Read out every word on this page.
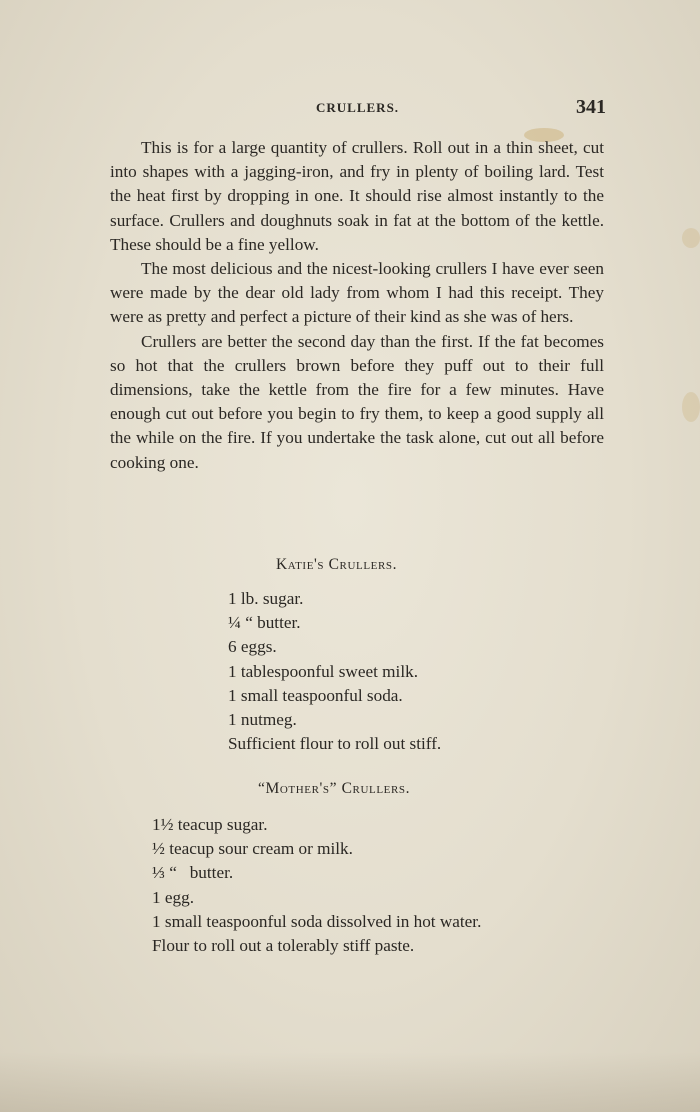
CRULLERS.	341

This is for a large quantity of crullers. Roll out in a thin sheet, cut into shapes with a jagging-iron, and fry in plenty of boiling lard. Test the heat first by dropping in one. It should rise almost instantly to the surface. Crullers and doughnuts soak in fat at the bottom of the kettle. These should be a fine yellow.

The most delicious and the nicest-looking crullers I have ever seen were made by the dear old lady from whom I had this receipt. They were as pretty and perfect a picture of their kind as she was of hers.

Crullers are better the second day than the first. If the fat becomes so hot that the crullers brown before they puff out to their full dimensions, take the kettle from the fire for a few minutes. Have enough cut out before you begin to fry them, to keep a good supply all the while on the fire. If you undertake the task alone, cut out all before cooking one.

Katie's Crullers.
1 lb. sugar.
¼ “ butter.
6 eggs.
1 tablespoonful sweet milk.
1 small teaspoonful soda.
1 nutmeg.
Sufficient flour to roll out stiff.
“Mother's” Crullers.
1½ teacup sugar.
½ teacup sour cream or milk.
⅓ “   butter.
1 egg.
1 small teaspoonful soda dissolved in hot water.
Flour to roll out a tolerably stiff paste.
